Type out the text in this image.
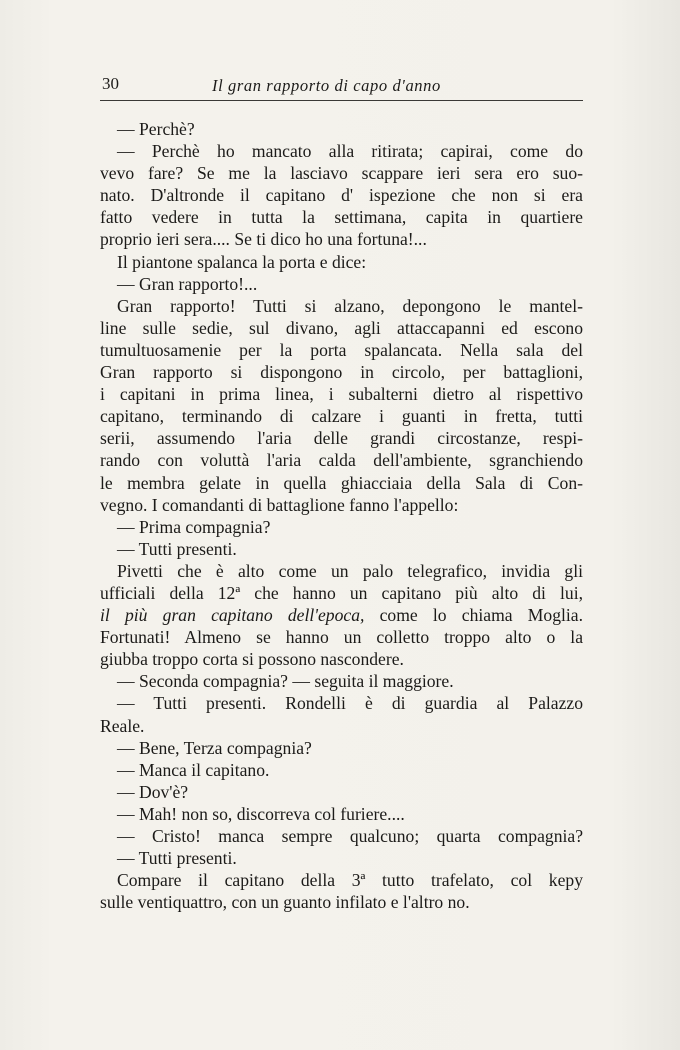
30	Il gran rapporto di capo d'anno
— Perchè?
— Perchè ho mancato alla ritirata; capirai, come do
vevo fare? Se me la lasciavo scappare ieri sera ero suo-
nato. D'altronde il capitano d' ispezione che non si era
fatto vedere in tutta la settimana, capita in quartiere
proprio ieri sera.... Se ti dico ho una fortuna!...
Il piantone spalanca la porta e dice:
— Gran rapporto!...
Gran rapporto! Tutti si alzano, depongono le mantel-
line sulle sedie, sul divano, agli attaccapanni ed escono
tumultuosamenie per la porta spalancata. Nella sala del
Gran rapporto si dispongono in circolo, per battaglioni,
i capitani in prima linea, i subalterni dietro al rispettivo
capitano, terminando di calzare i guanti in fretta, tutti
serii, assumendo l'aria delle grandi circostanze, respi-
rando con voluttà l'aria calda dell'ambiente, sgranchiendo
le membra gelate in quella ghiacciaia della Sala di Con-
vegno. I comandanti di battaglione fanno l'appello:
— Prima compagnia?
— Tutti presenti.
Pivetti che è alto come un palo telegrafico, invidia gli
ufficiali della 12ª che hanno un capitano più alto di lui,
il più gran capitano dell'epoca, come lo chiama Moglia.
Fortunati! Almeno se hanno un colletto troppo alto o la
giubba troppo corta si possono nascondere.
— Seconda compagnia? — seguita il maggiore.
— Tutti presenti. Rondelli è di guardia al Palazzo
Reale.
— Bene, Terza compagnia?
— Manca il capitano.
— Dov'è?
— Mah! non so, discorreva col furiere....
— Cristo! manca sempre qualcuno; quarta compagnia?
— Tutti presenti.
Compare il capitano della 3ª tutto trafelato, col kepy
sulle ventiquattro, con un guanto infilato e l'altro no.
